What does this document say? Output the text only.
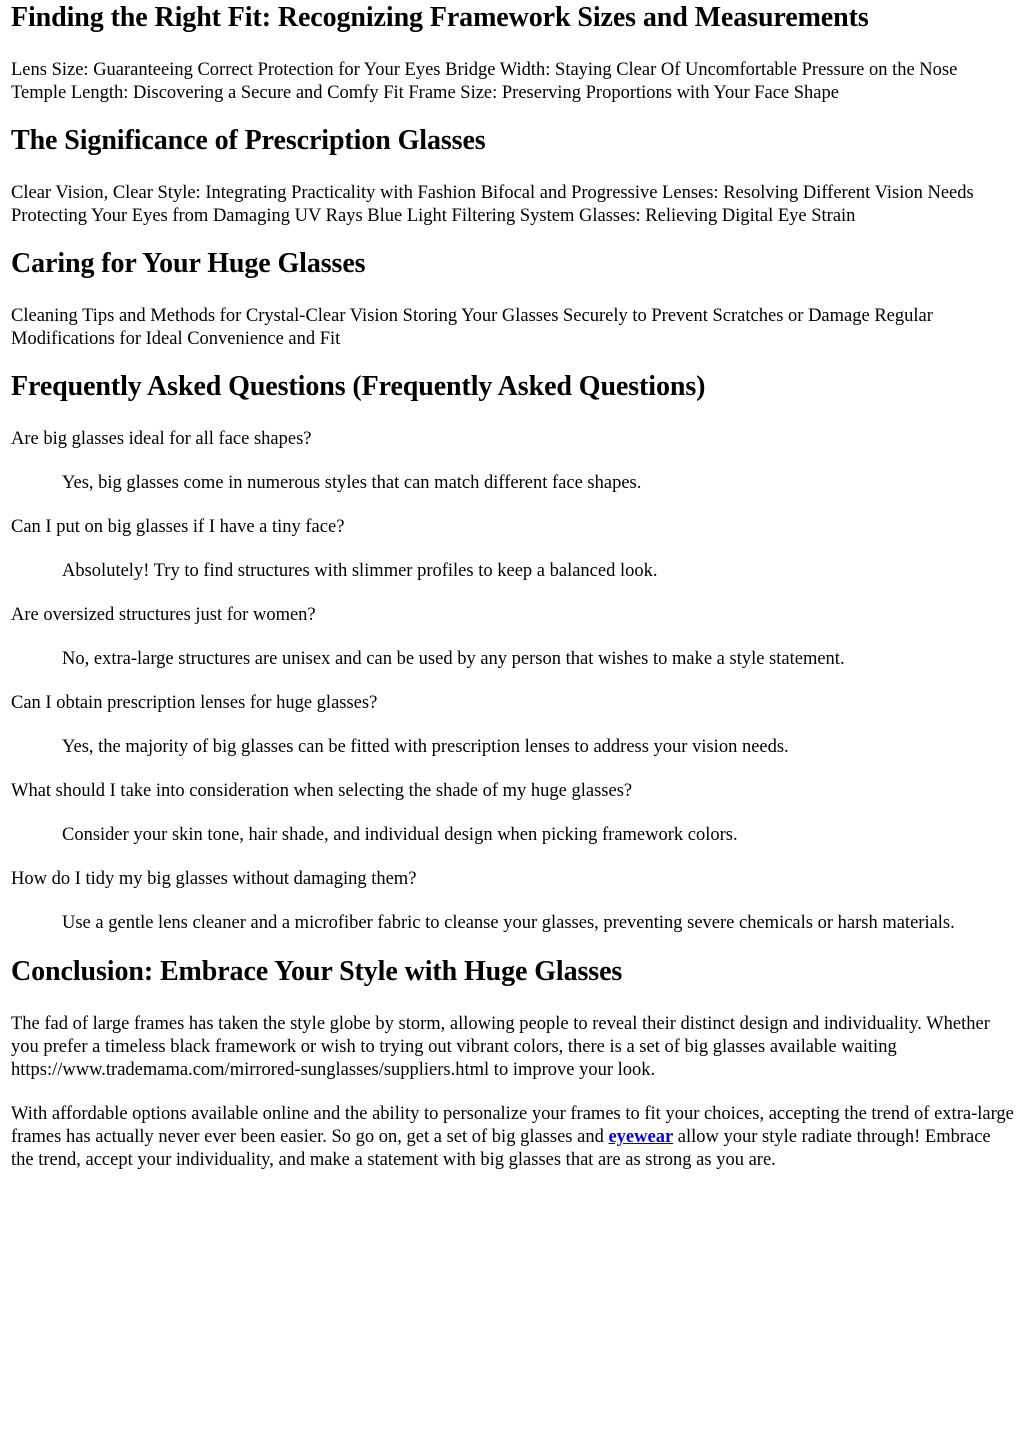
Finding the Right Fit: Recognizing Framework Sizes and Measurements

Lens Size: Guaranteeing Correct Protection for Your Eyes Bridge Width: Staying Clear Of Uncomfortable Pressure on the Nose Temple Length: Discovering a Secure and Comfy Fit Frame Size: Preserving Proportions with Your Face Shape

The Significance of Prescription Glasses

Clear Vision, Clear Style: Integrating Practicality with Fashion Bifocal and Progressive Lenses: Resolving Different Vision Needs Protecting Your Eyes from Damaging UV Rays Blue Light Filtering System Glasses: Relieving Digital Eye Strain

Caring for Your Huge Glasses

Cleaning Tips and Methods for Crystal-Clear Vision Storing Your Glasses Securely to Prevent Scratches or Damage Regular Modifications for Ideal Convenience and Fit

Frequently Asked Questions (Frequently Asked Questions)
Are big glasses ideal for all face shapes?
Yes, big glasses come in numerous styles that can match different face shapes.
Can I put on big glasses if I have a tiny face?
Absolutely! Try to find structures with slimmer profiles to keep a balanced look.
Are oversized structures just for women?
No, extra-large structures are unisex and can be used by any person that wishes to make a style statement.
Can I obtain prescription lenses for huge glasses?
Yes, the majority of big glasses can be fitted with prescription lenses to address your vision needs.
What should I take into consideration when selecting the shade of my huge glasses?
Consider your skin tone, hair shade, and individual design when picking framework colors.
How do I tidy my big glasses without damaging them?
Use a gentle lens cleaner and a microfiber fabric to cleanse your glasses, preventing severe chemicals or harsh materials.
Conclusion: Embrace Your Style with Huge Glasses

The fad of large frames has taken the style globe by storm, allowing people to reveal their distinct design and individuality. Whether you prefer a timeless black framework or wish to trying out vibrant colors, there is a set of big glasses available waiting https://www.trademama.com/mirrored-sunglasses/suppliers.html to improve your look.

With affordable options available online and the ability to personalize your frames to fit your choices, accepting the trend of extra-large frames has actually never ever been easier. So go on, get a set of big glasses and eyewear allow your style radiate through! Embrace the trend, accept your individuality, and make a statement with big glasses that are as strong as you are.
